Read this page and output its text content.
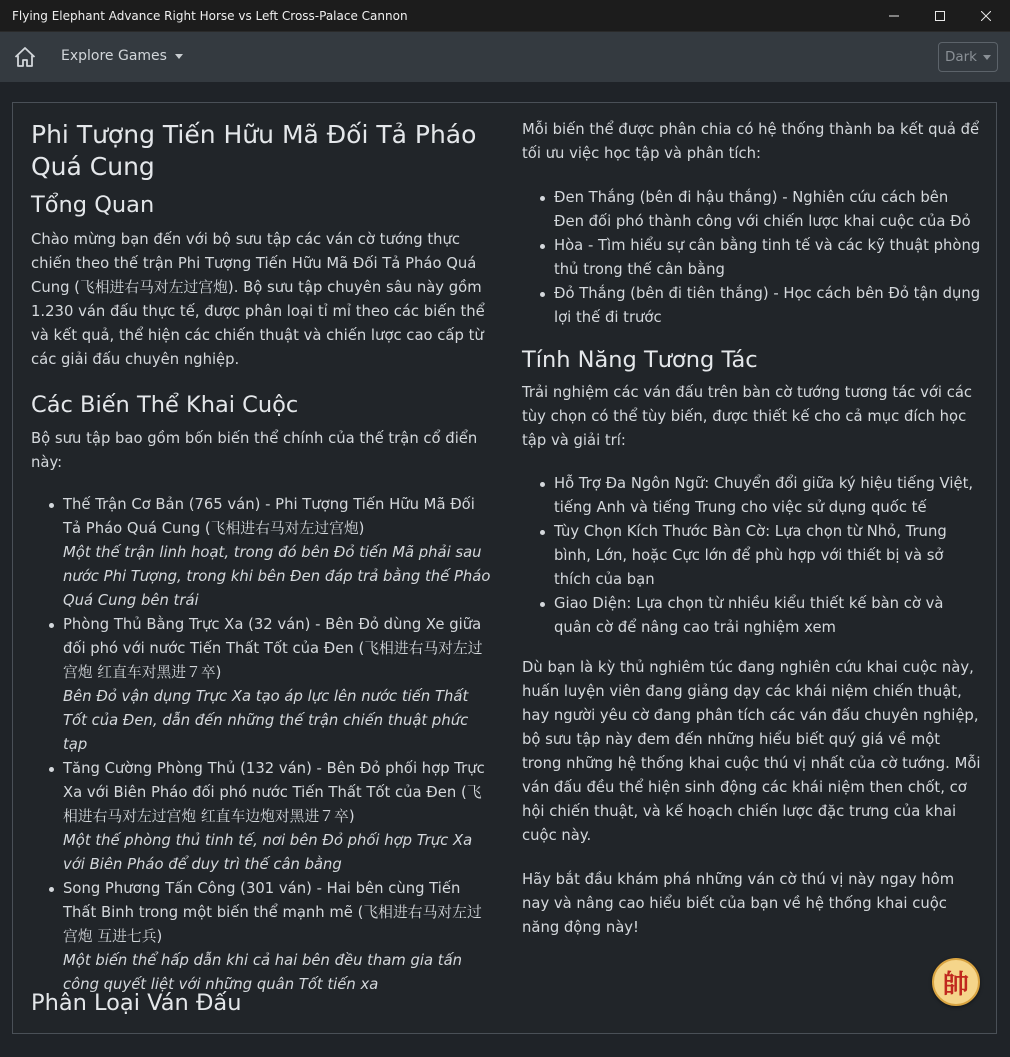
Flying Elephant Advance Right Horse vs Left Cross-Palace Cannon
Explore Games	Dark
Phi Tượng Tiến Hữu Mã Đối Tả Pháo Quá Cung
Tổng Quan

Chào mừng bạn đến với bộ sưu tập các ván cờ tướng thực chiến theo thế trận Phi Tượng Tiến Hữu Mã Đối Tả Pháo Quá Cung (飞相进右马对左过宫炮). Bộ sưu tập chuyên sâu này gồm 1.230 ván đấu thực tế, được phân loại tỉ mỉ theo các biến thể và kết quả, thể hiện các chiến thuật và chiến lược cao cấp từ các giải đấu chuyên nghiệp.

Các Biến Thể Khai Cuộc

Bộ sưu tập bao gồm bốn biến thể chính của thế trận cổ điển này:

Thế Trận Cơ Bản (765 ván) - Phi Tượng Tiến Hữu Mã Đối Tả Pháo Quá Cung (飞相进右马对左过宫炮)
Một thế trận linh hoạt, trong đó bên Đỏ tiến Mã phải sau nước Phi Tượng, trong khi bên Đen đáp trả bằng thế Pháo Quá Cung bên trái
Phòng Thủ Bằng Trực Xa (32 ván) - Bên Đỏ dùng Xe giữa đối phó với nước Tiến Thất Tốt của Đen (飞相进右马对左过宫炮 红直车对黑进７卒)
Bên Đỏ vận dụng Trực Xa tạo áp lực lên nước tiến Thất Tốt của Đen, dẫn đến những thế trận chiến thuật phức tạp
Tăng Cường Phòng Thủ (132 ván) - Bên Đỏ phối hợp Trực Xa với Biên Pháo đối phó nước Tiến Thất Tốt của Đen (飞相进右马对左过宫炮 红直车边炮对黑进７卒)
Một thế phòng thủ tinh tế, nơi bên Đỏ phối hợp Trực Xa với Biên Pháo để duy trì thế cân bằng
Song Phương Tấn Công (301 ván) - Hai bên cùng Tiến Thất Binh trong một biến thể mạnh mẽ (飞相进右马对左过宫炮 互进七兵)
Một biến thể hấp dẫn khi cả hai bên đều tham gia tấn công quyết liệt với những quân Tốt tiến xa
Phân Loại Ván Đấu

Mỗi biến thể được phân chia có hệ thống thành ba kết quả để tối ưu việc học tập và phân tích:

Đen Thắng (bên đi hậu thắng) - Nghiên cứu cách bên Đen đối phó thành công với chiến lược khai cuộc của Đỏ
Hòa - Tìm hiểu sự cân bằng tinh tế và các kỹ thuật phòng thủ trong thế cân bằng
Đỏ Thắng (bên đi tiên thắng) - Học cách bên Đỏ tận dụng lợi thế đi trước
Tính Năng Tương Tác

Trải nghiệm các ván đấu trên bàn cờ tướng tương tác với các tùy chọn có thể tùy biến, được thiết kế cho cả mục đích học tập và giải trí:

Hỗ Trợ Đa Ngôn Ngữ: Chuyển đổi giữa ký hiệu tiếng Việt, tiếng Anh và tiếng Trung cho việc sử dụng quốc tế
Tùy Chọn Kích Thước Bàn Cờ: Lựa chọn từ Nhỏ, Trung bình, Lớn, hoặc Cực lớn để phù hợp với thiết bị và sở thích của bạn
Giao Diện: Lựa chọn từ nhiều kiểu thiết kế bàn cờ và quân cờ để nâng cao trải nghiệm xem

Dù bạn là kỳ thủ nghiêm túc đang nghiên cứu khai cuộc này, huấn luyện viên đang giảng dạy các khái niệm chiến thuật, hay người yêu cờ đang phân tích các ván đấu chuyên nghiệp, bộ sưu tập này đem đến những hiểu biết quý giá về một trong những hệ thống khai cuộc thú vị nhất của cờ tướng. Mỗi ván đấu đều thể hiện sinh động các khái niệm then chốt, cơ hội chiến thuật, và kế hoạch chiến lược đặc trưng của khai cuộc này.

Hãy bắt đầu khám phá những ván cờ thú vị này ngay hôm nay và nâng cao hiểu biết của bạn về hệ thống khai cuộc năng động này!

帥
